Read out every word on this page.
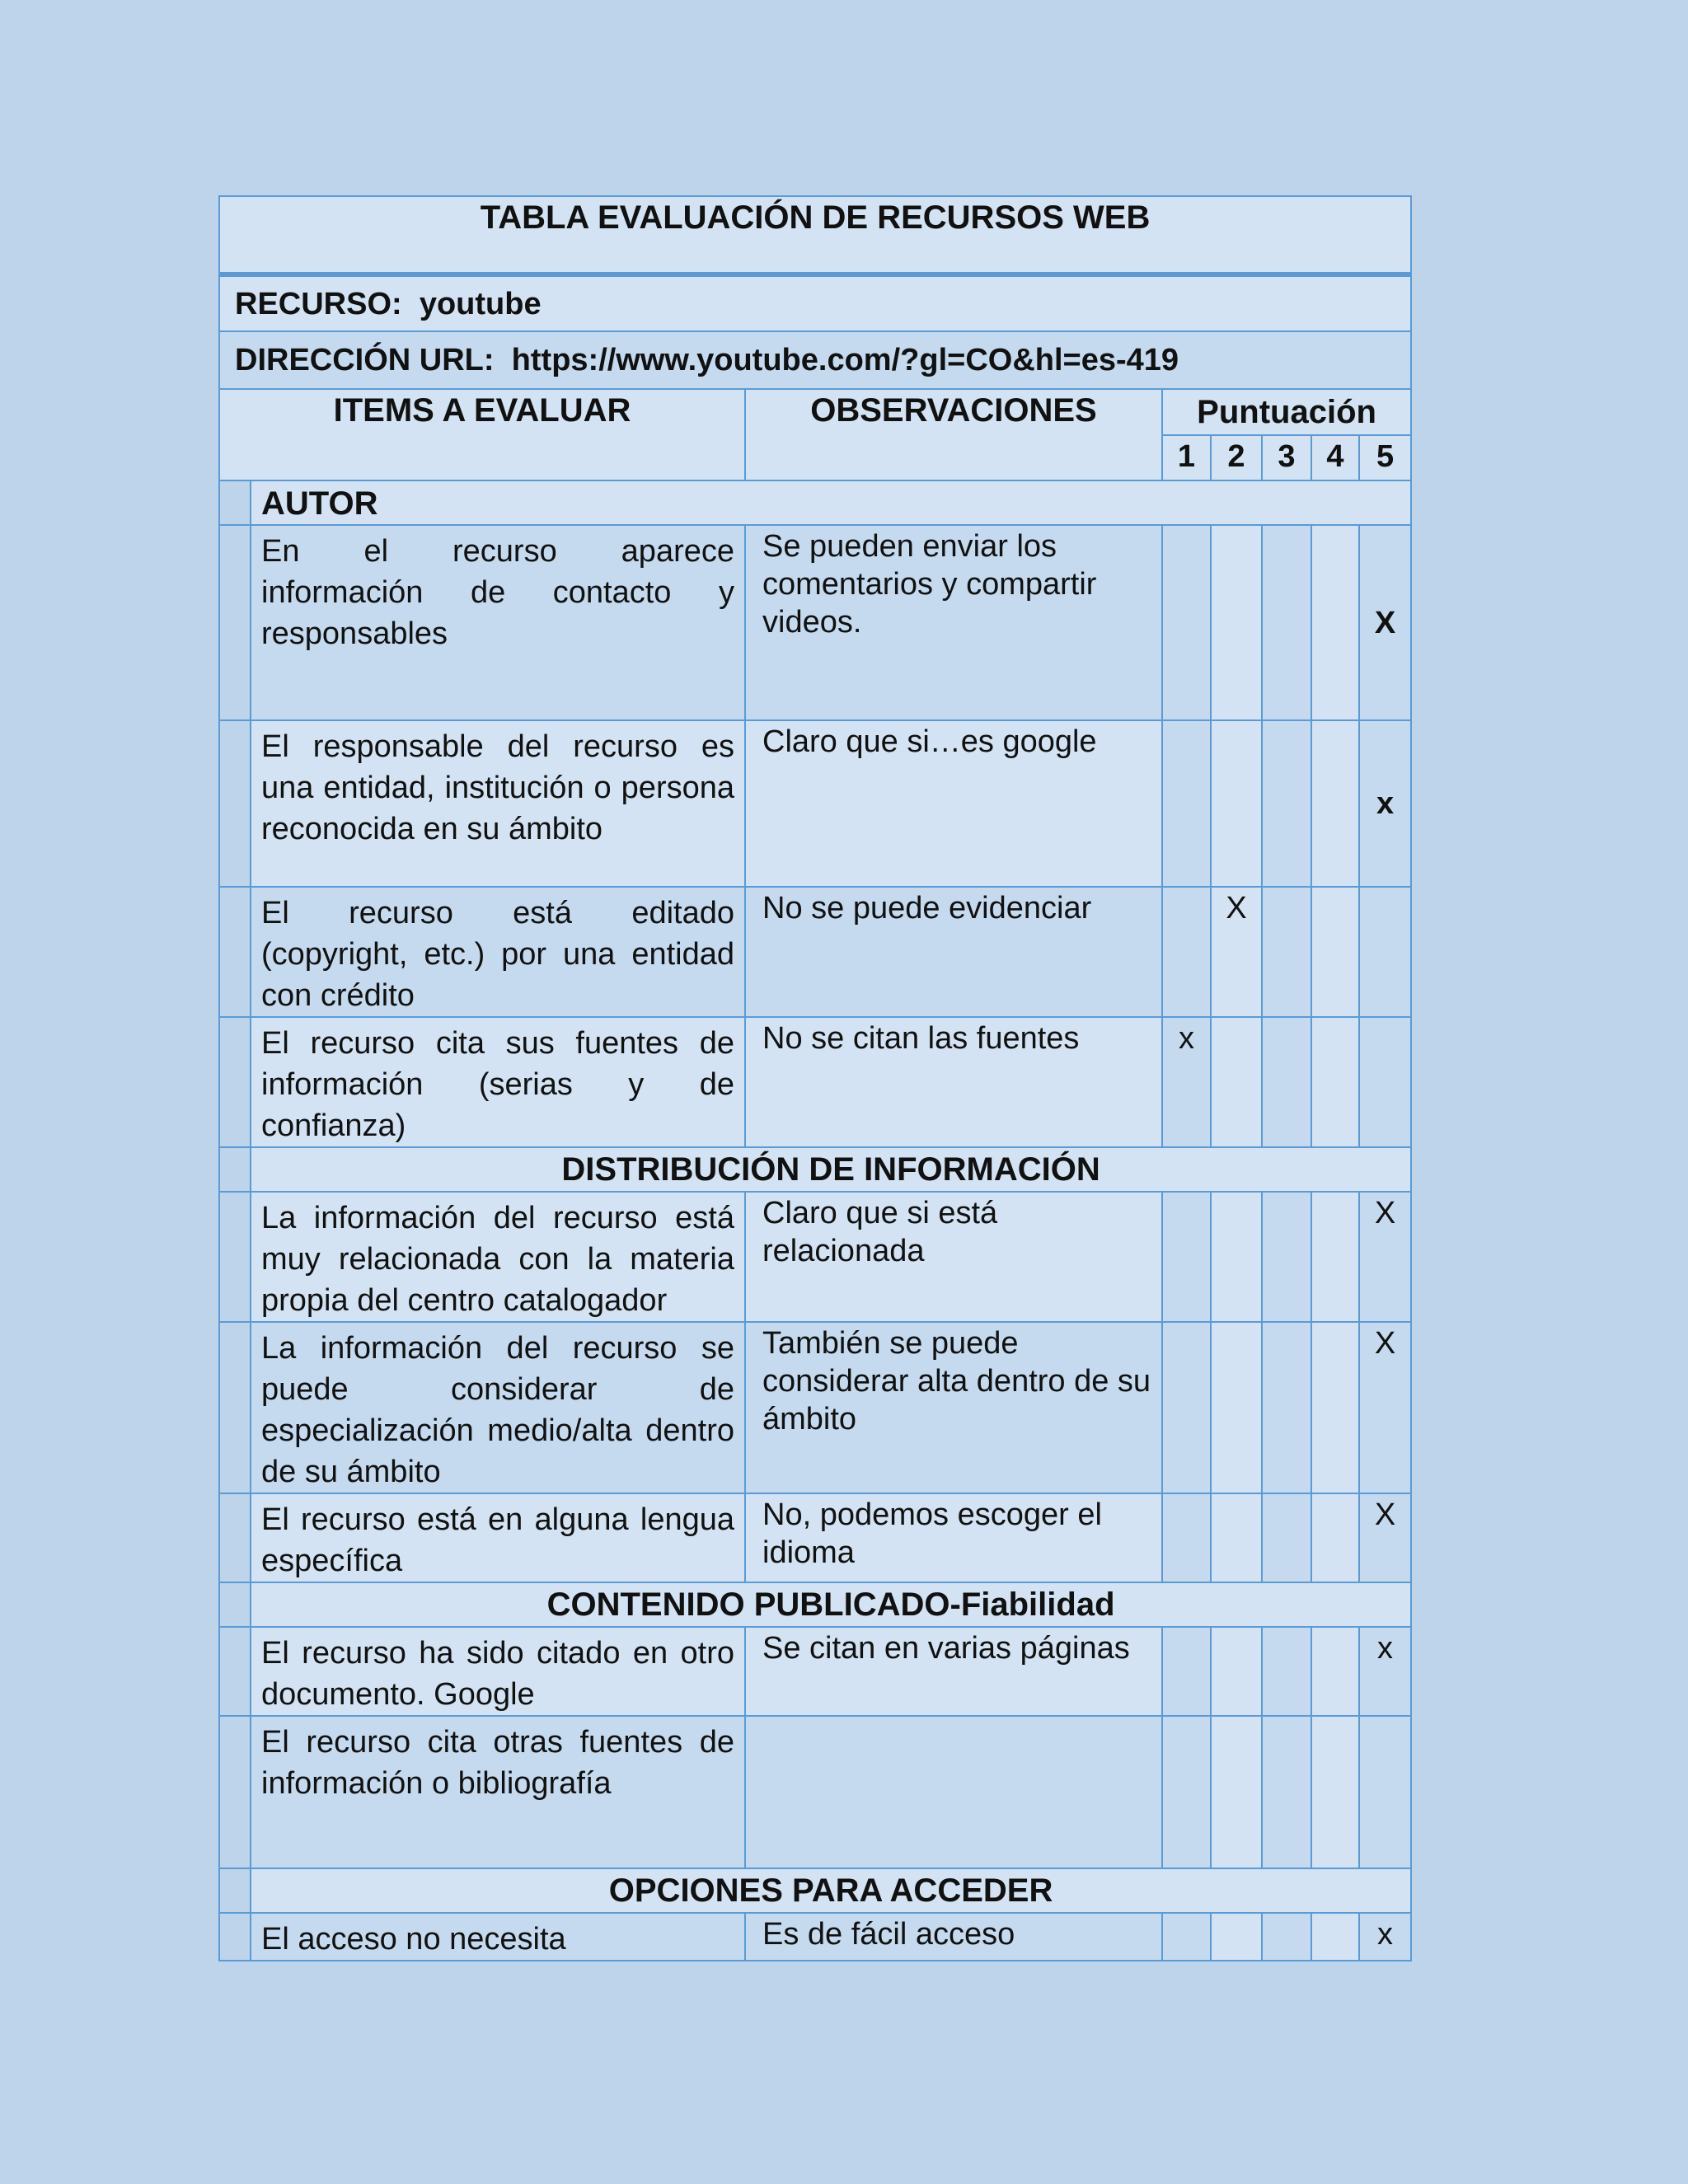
TABLA EVALUACIÓN DE RECURSOS WEB							
RECURSO: youtube							
DIRECCIÓN URL: https://www.youtube.com/?gl=CO&hl=es-419							
ITEMS A EVALUAR		OBSERVACIONES	Puntuación				
			1	2	3	4	5
	AUTOR						
	En el recurso aparece información de contacto y responsables	Se pueden enviar los comentarios y compartir videos.					X
	El responsable del recurso es una entidad, institución o persona reconocida en su ámbito	Claro que si…es google					x
	El recurso está editado (copyright, etc.) por una entidad con crédito	No se puede evidenciar		X			
	El recurso cita sus fuentes de información (serias y de confianza)	No se citan las fuentes	x				
	DISTRIBUCIÓN DE INFORMACIÓN						
	La información del recurso está muy relacionada con la materia propia del centro catalogador	Claro que si está relacionada					X
	La información del recurso se puede considerar de especialización medio/alta dentro de su ámbito	También se puede considerar alta dentro de su ámbito					X
	El recurso está en alguna lengua específica	No, podemos escoger el idioma					X
	CONTENIDO PUBLICADO-Fiabilidad						
	El recurso ha sido citado en otro documento. Google	Se citan en varias páginas					x
	El recurso cita otras fuentes de información o bibliografía						
	OPCIONES PARA ACCEDER						
	El acceso no necesita	Es de fácil acceso					x
